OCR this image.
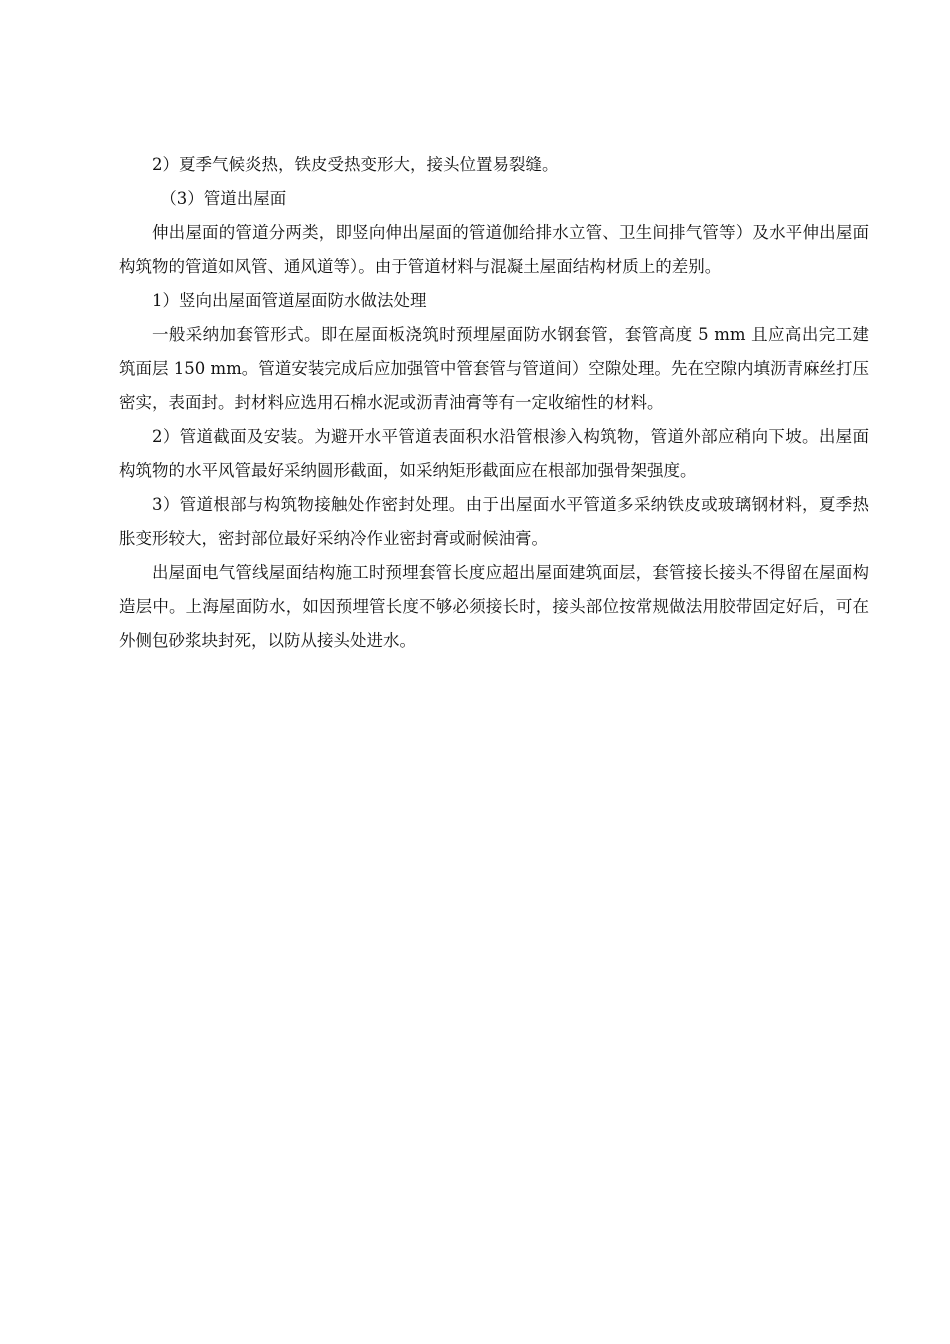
2）夏季气候炎热，铁皮受热变形大，接头位置易裂缝。

（3）管道出屋面

伸出屋面的管道分两类，即竖向伸出屋面的管道伽给排水立管、卫生间排气管等）及水平伸出屋面构筑物的管道如风管、通风道等）。由于管道材料与混凝土屋面结构材质上的差别。

1）竖向出屋面管道屋面防水做法处理

一般采纳加套管形式。即在屋面板浇筑时预埋屋面防水钢套管，套管高度 5 mm 且应高出完工建筑面层 150 mm。管道安装完成后应加强管中管套管与管道间）空隙处理。先在空隙内填沥青麻丝打压密实，表面封。封材料应选用石棉水泥或沥青油膏等有一定收缩性的材料。

2）管道截面及安装。为避开水平管道表面积水沿管根渗入构筑物，管道外部应稍向下坡。出屋面构筑物的水平风管最好采纳圆形截面，如采纳矩形截面应在根部加强骨架强度。

3）管道根部与构筑物接触处作密封处理。由于出屋面水平管道多采纳铁皮或玻璃钢材料，夏季热胀变形较大，密封部位最好采纳冷作业密封膏或耐候油膏。

出屋面电气管线屋面结构施工时预埋套管长度应超出屋面建筑面层，套管接长接头不得留在屋面构造层中。上海屋面防水，如因预埋管长度不够必须接长时，接头部位按常规做法用胶带固定好后，可在外侧包砂浆块封死，以防从接头处进水。
